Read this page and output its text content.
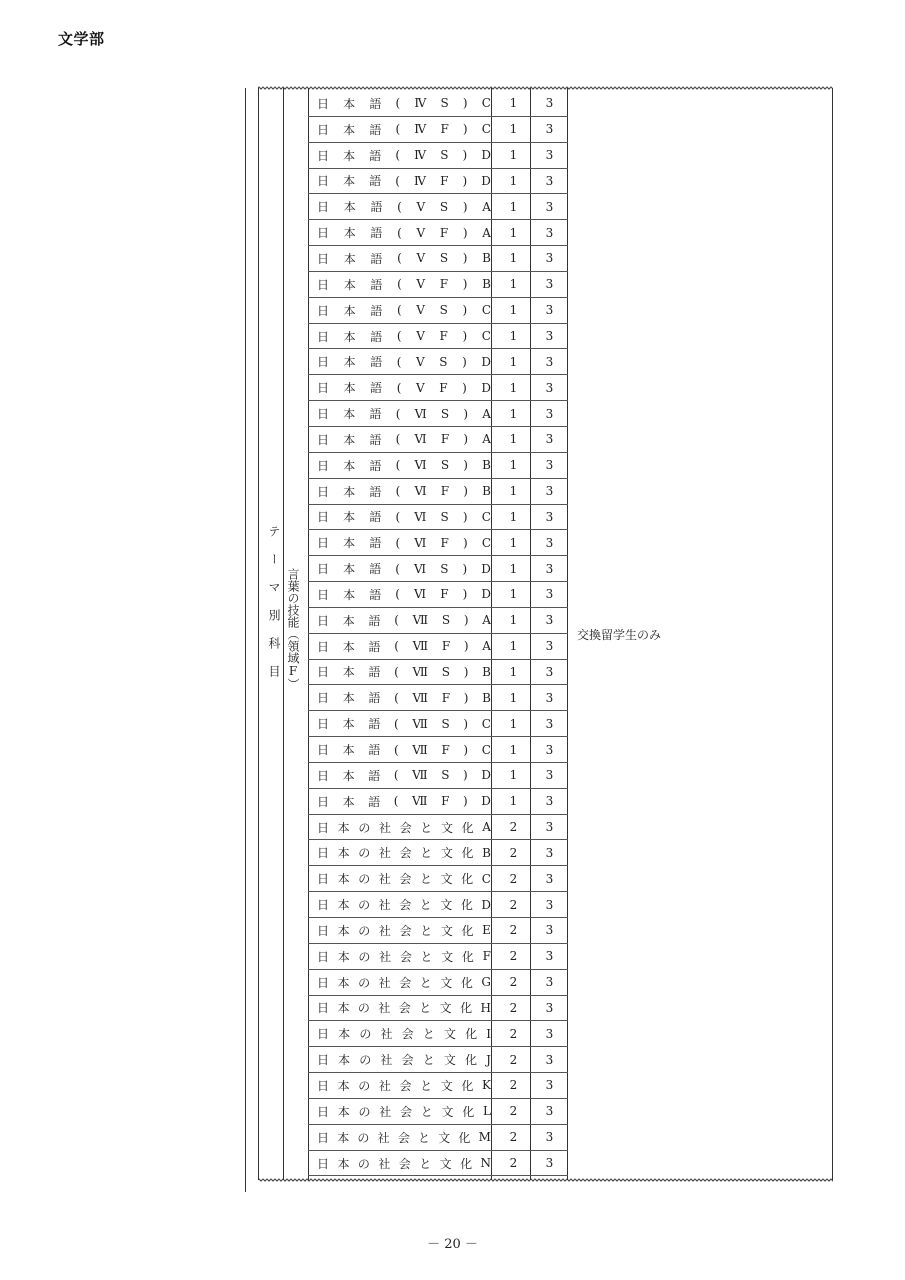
文学部
テーマ別科目 言葉の技能（領域F）
日 本 語 ( Ⅳ S ) C	1	3
日 本 語 ( Ⅳ F ) C	1	3
日 本 語 ( Ⅳ S ) D	1	3
日 本 語 ( Ⅳ F ) D	1	3
日 本 語 ( Ⅴ S ) A	1	3
日 本 語 ( Ⅴ F ) A	1	3
日 本 語 ( Ⅴ S ) B	1	3
日 本 語 ( Ⅴ F ) B	1	3
日 本 語 ( Ⅴ S ) C	1	3
日 本 語 ( Ⅴ F ) C	1	3
日 本 語 ( Ⅴ S ) D	1	3
日 本 語 ( Ⅴ F ) D	1	3
日 本 語 ( Ⅵ S ) A	1	3
日 本 語 ( Ⅵ F ) A	1	3
日 本 語 ( Ⅵ S ) B	1	3
日 本 語 ( Ⅵ F ) B	1	3
日 本 語 ( Ⅵ S ) C	1	3
日 本 語 ( Ⅵ F ) C	1	3
日 本 語 ( Ⅵ S ) D	1	3
日 本 語 ( Ⅵ F ) D	1	3
日 本 語 ( Ⅶ S ) A	1	3
日 本 語 ( Ⅶ F ) A	1	3
日 本 語 ( Ⅶ S ) B	1	3
日 本 語 ( Ⅶ F ) B	1	3
日 本 語 ( Ⅶ S ) C	1	3
日 本 語 ( Ⅶ F ) C	1	3
日 本 語 ( Ⅶ S ) D	1	3
日 本 語 ( Ⅶ F ) D	1	3
日 本 の 社 会 と 文 化 A	2	3
日 本 の 社 会 と 文 化 B	2	3
日 本 の 社 会 と 文 化 C	2	3
日 本 の 社 会 と 文 化 D	2	3
日 本 の 社 会 と 文 化 E	2	3
日 本 の 社 会 と 文 化 F	2	3
日 本 の 社 会 と 文 化 G	2	3
日 本 の 社 会 と 文 化 H	2	3
日 本 の 社 会 と 文 化 I	2	3
日 本 の 社 会 と 文 化 J	2	3
日 本 の 社 会 と 文 化 K	2	3
日 本 の 社 会 と 文 化 L	2	3
日 本 の 社 会 と 文 化 M	2	3
日 本 の 社 会 と 文 化 N	2	3
交換留学生のみ
－ 20 －
